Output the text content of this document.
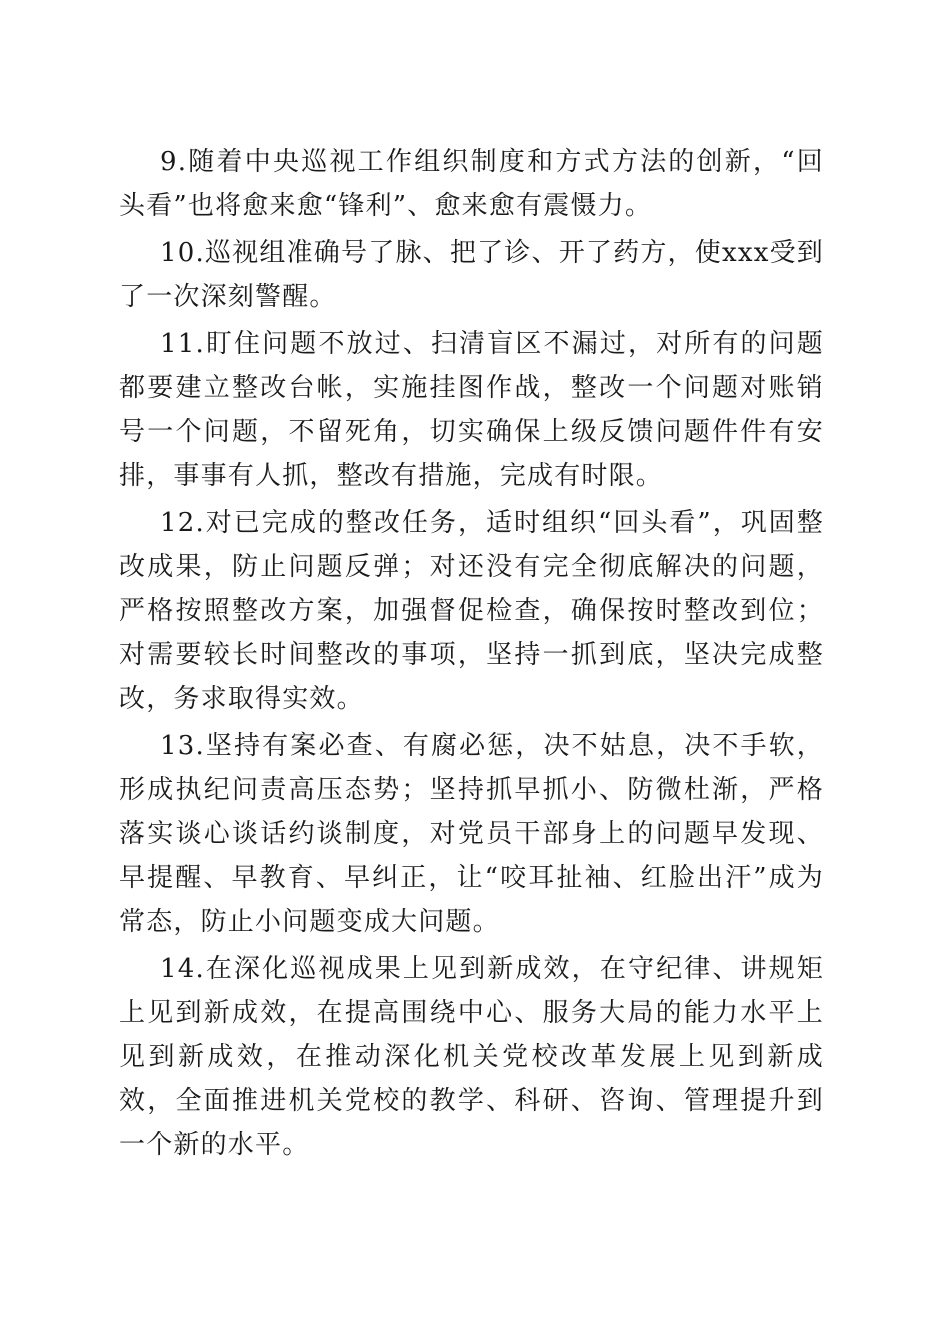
9.随着中央巡视工作组织制度和方式方法的创新，“回头看”也将愈来愈“锋利”、愈来愈有震慑力。

10.巡视组准确号了脉、把了诊、开了药方，使xxx受到了一次深刻警醒。

11.盯住问题不放过、扫清盲区不漏过，对所有的问题都要建立整改台帐，实施挂图作战，整改一个问题对账销号一个问题，不留死角，切实确保上级反馈问题件件有安排，事事有人抓，整改有措施，完成有时限。

12.对已完成的整改任务，适时组织“回头看”，巩固整改成果，防止问题反弹；对还没有完全彻底解决的问题，严格按照整改方案，加强督促检查，确保按时整改到位；对需要较长时间整改的事项，坚持一抓到底，坚决完成整改，务求取得实效。

13.坚持有案必查、有腐必惩，决不姑息，决不手软，形成执纪问责高压态势；坚持抓早抓小、防微杜渐，严格落实谈心谈话约谈制度，对党员干部身上的问题早发现、早提醒、早教育、早纠正，让“咬耳扯袖、红脸出汗”成为常态，防止小问题变成大问题。

14.在深化巡视成果上见到新成效，在守纪律、讲规矩上见到新成效，在提高围绕中心、服务大局的能力水平上见到新成效，在推动深化机关党校改革发展上见到新成效，全面推进机关党校的教学、科研、咨询、管理提升到一个新的水平。
